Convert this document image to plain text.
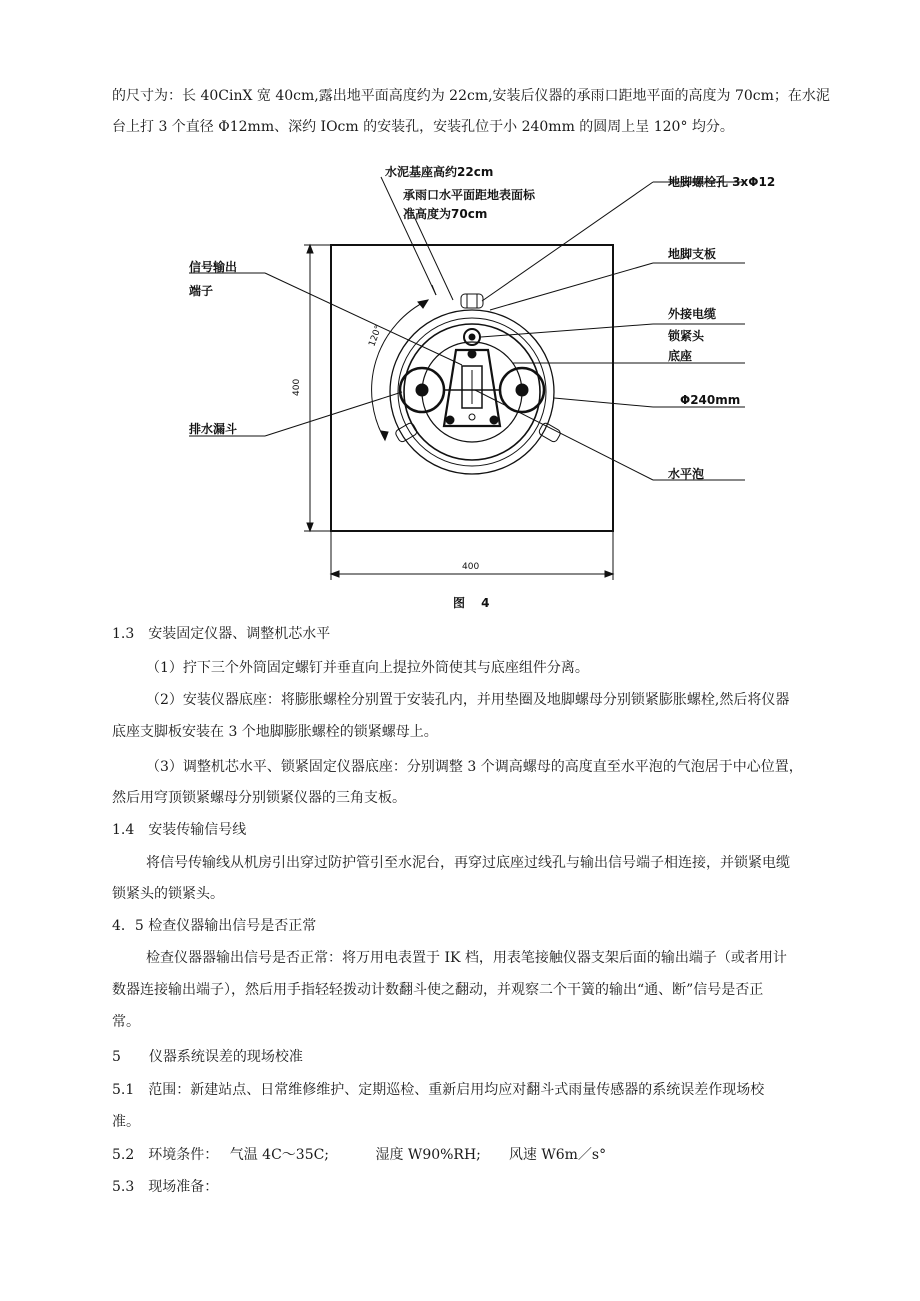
的尺寸为：长 40CinX 宽 40cm,露出地平面高度约为 22cm,安装后仪器的承雨口距地平面的高度为 70cm；在水泥
台上打 3 个直径 Φ12mm、深约 IOcm 的安装孔，安装孔位于小 240mm 的圆周上呈 120° 均分。
水泥基座高约22cm
承雨口水平面距地表面标
准高度为70cm
地脚螺栓孔 3xΦ12
地脚支板
信号输出
端子
外接电缆
锁紧头
底座
Φ240mm
排水漏斗
水平泡
400
400
120°
图　 4
1.3　安装固定仪器、调整机芯水平
（1）拧下三个外筒固定螺钉并垂直向上提拉外筒使其与底座组件分离。
（2）安装仪器底座：将膨胀螺栓分别置于安装孔内，并用垫圈及地脚螺母分别锁紧膨胀螺栓,然后将仪器
底座支脚板安装在 3 个地脚膨胀螺栓的锁紧螺母上。
（3）调整机芯水平、锁紧固定仪器底座：分别调整 3 个调高螺母的高度直至水平泡的气泡居于中心位置，
然后用穹顶锁紧螺母分别锁紧仪器的三角支板。
1.4　安装传输信号线
将信号传输线从机房引出穿过防护管引至水泥台，再穿过底座过线孔与输出信号端子相连接，并锁紧电缆
锁紧头的锁紧头。
4．5 检查仪器输出信号是否正常
检查仪器器输出信号是否正常：将万用电表置于 IK 档，用表笔接触仪器支架后面的输出端子（或者用计
数器连接输出端子），然后用手指轻轻拨动计数翻斗使之翻动，并观察二个干簧的输出“通、断”信号是否正
常。
5　　仪器系统误差的现场校准
5.1　范围：新建站点、日常维修维护、定期巡检、重新启用均应对翻斗式雨量传感器的系统误差作现场校
准。
5.2　环境条件：　 气温 4C～35C;　　　 湿度 W90%RH;　　风速 W6m／s°
5.3　现场准备：
